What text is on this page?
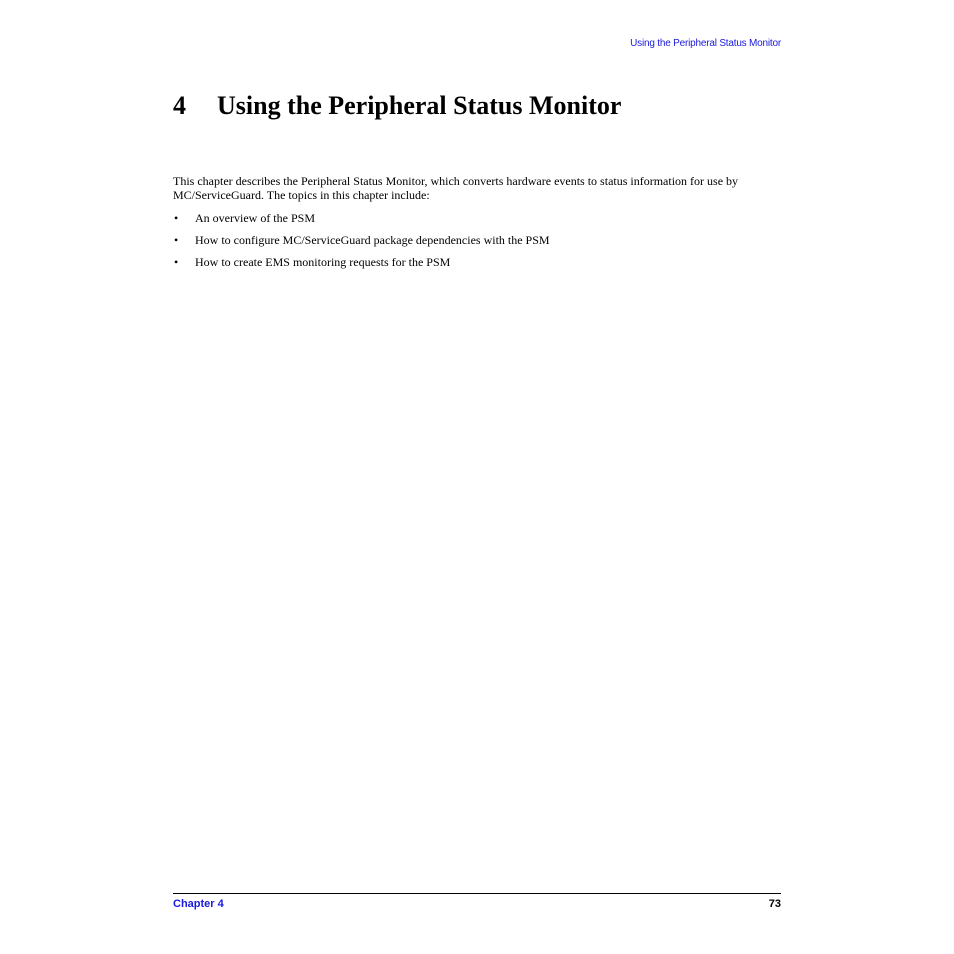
Using the Peripheral Status Monitor
4 Using the Peripheral Status Monitor

This chapter describes the Peripheral Status Monitor, which converts hardware events to status information for use by MC/ServiceGuard. The topics in this chapter include:

• An overview of the PSM
• How to configure MC/ServiceGuard package dependencies with the PSM
• How to create EMS monitoring requests for the PSM
Chapter 4	73
